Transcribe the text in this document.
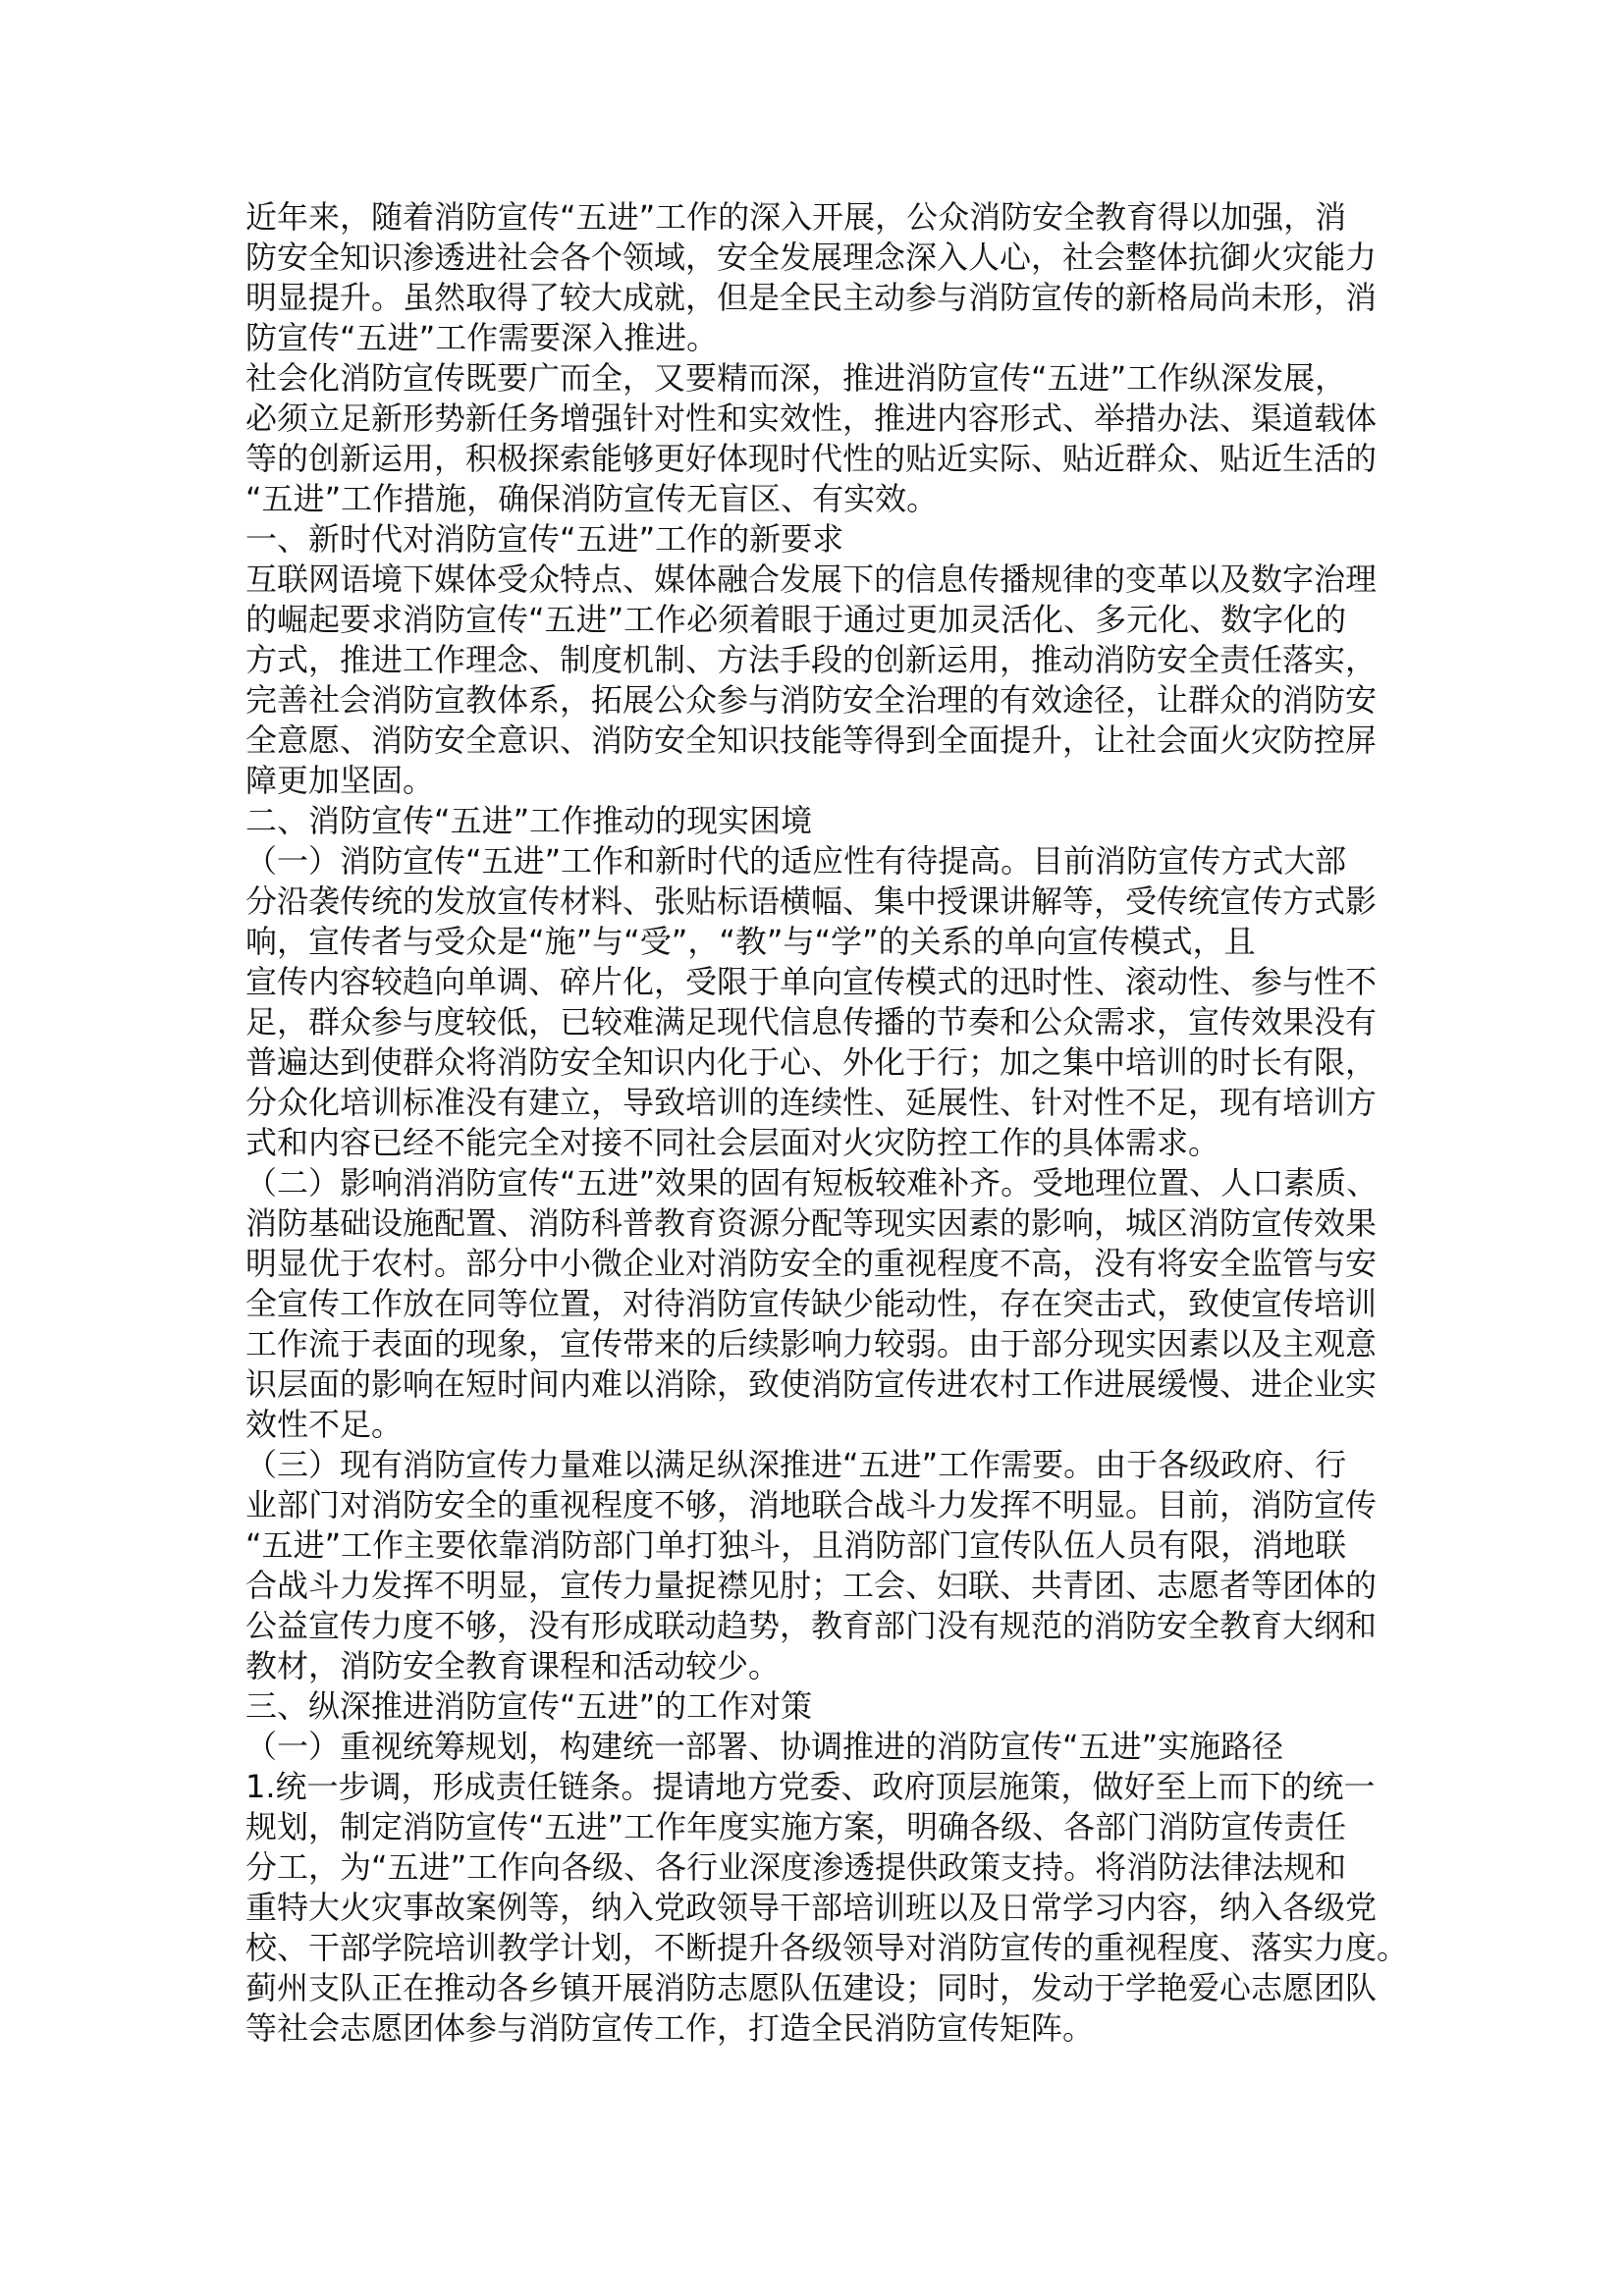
近年来，随着消防宣传“五进”工作的深入开展，公众消防安全教育得以加强，消
防安全知识渗透进社会各个领域，安全发展理念深入人心，社会整体抗御火灾能力
明显提升。虽然取得了较大成就，但是全民主动参与消防宣传的新格局尚未形，消
防宣传“五进”工作需要深入推进。
社会化消防宣传既要广而全，又要精而深，推进消防宣传“五进”工作纵深发展，
必须立足新形势新任务增强针对性和实效性，推进内容形式、举措办法、渠道载体
等的创新运用，积极探索能够更好体现时代性的贴近实际、贴近群众、贴近生活的
“五进”工作措施，确保消防宣传无盲区、有实效。
一、新时代对消防宣传“五进”工作的新要求
互联网语境下媒体受众特点、媒体融合发展下的信息传播规律的变革以及数字治理
的崛起要求消防宣传“五进”工作必须着眼于通过更加灵活化、多元化、数字化的
方式，推进工作理念、制度机制、方法手段的创新运用，推动消防安全责任落实，
完善社会消防宣教体系，拓展公众参与消防安全治理的有效途径，让群众的消防安
全意愿、消防安全意识、消防安全知识技能等得到全面提升，让社会面火灾防控屏
障更加坚固。
二、消防宣传“五进”工作推动的现实困境
（一）消防宣传“五进”工作和新时代的适应性有待提高。目前消防宣传方式大部
分沿袭传统的发放宣传材料、张贴标语横幅、集中授课讲解等，受传统宣传方式影
响，宣传者与受众是“施”与“受”，“教”与“学”的关系的单向宣传模式，且
宣传内容较趋向单调、碎片化，受限于单向宣传模式的迅时性、滚动性、参与性不
足，群众参与度较低，已较难满足现代信息传播的节奏和公众需求，宣传效果没有
普遍达到使群众将消防安全知识内化于心、外化于行；加之集中培训的时长有限，
分众化培训标准没有建立，导致培训的连续性、延展性、针对性不足，现有培训方
式和内容已经不能完全对接不同社会层面对火灾防控工作的具体需求。
（二）影响消消防宣传“五进”效果的固有短板较难补齐。受地理位置、人口素质、
消防基础设施配置、消防科普教育资源分配等现实因素的影响，城区消防宣传效果
明显优于农村。部分中小微企业对消防安全的重视程度不高，没有将安全监管与安
全宣传工作放在同等位置，对待消防宣传缺少能动性，存在突击式，致使宣传培训
工作流于表面的现象，宣传带来的后续影响力较弱。由于部分现实因素以及主观意
识层面的影响在短时间内难以消除，致使消防宣传进农村工作进展缓慢、进企业实
效性不足。
（三）现有消防宣传力量难以满足纵深推进“五进”工作需要。由于各级政府、行
业部门对消防安全的重视程度不够，消地联合战斗力发挥不明显。目前，消防宣传
“五进”工作主要依靠消防部门单打独斗，且消防部门宣传队伍人员有限，消地联
合战斗力发挥不明显，宣传力量捉襟见肘；工会、妇联、共青团、志愿者等团体的
公益宣传力度不够，没有形成联动趋势，教育部门没有规范的消防安全教育大纲和
教材，消防安全教育课程和活动较少。
三、纵深推进消防宣传“五进”的工作对策
（一）重视统筹规划，构建统一部署、协调推进的消防宣传“五进”实施路径
1.统一步调，形成责任链条。提请地方党委、政府顶层施策，做好至上而下的统一
规划，制定消防宣传“五进”工作年度实施方案，明确各级、各部门消防宣传责任
分工，为“五进”工作向各级、各行业深度渗透提供政策支持。将消防法律法规和
重特大火灾事故案例等，纳入党政领导干部培训班以及日常学习内容，纳入各级党
校、干部学院培训教学计划，不断提升各级领导对消防宣传的重视程度、落实力度。
蓟州支队正在推动各乡镇开展消防志愿队伍建设；同时，发动于学艳爱心志愿团队
等社会志愿团体参与消防宣传工作，打造全民消防宣传矩阵。
